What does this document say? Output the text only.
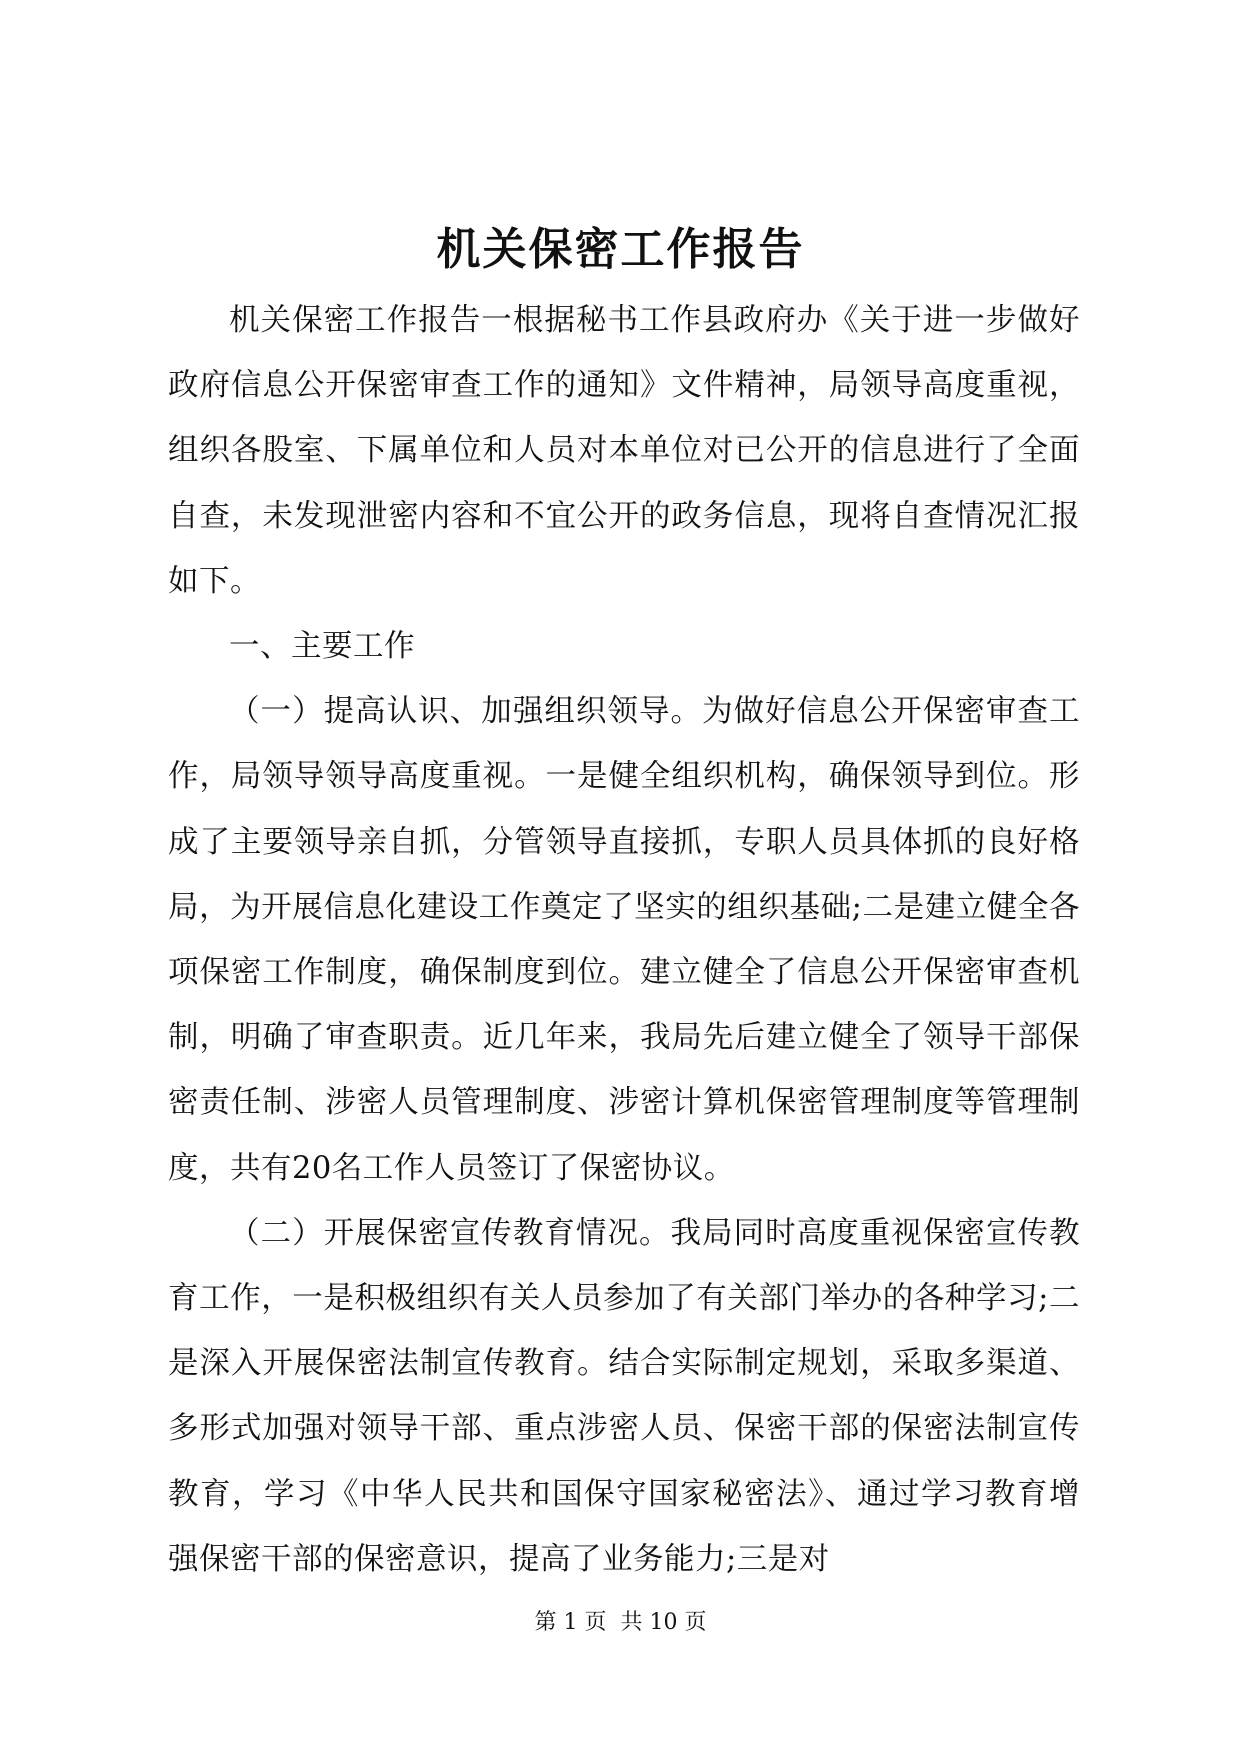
机关保密工作报告

机关保密工作报告一根据秘书工作县政府办《关于进一步做好政府信息公开保密审查工作的通知》文件精神，局领导高度重视，组织各股室、下属单位和人员对本单位对已公开的信息进行了全面自查，未发现泄密内容和不宜公开的政务信息，现将自查情况汇报如下。

一、主要工作

（一）提高认识、加强组织领导。为做好信息公开保密审查工作，局领导领导高度重视。一是健全组织机构，确保领导到位。形成了主要领导亲自抓，分管领导直接抓，专职人员具体抓的良好格局，为开展信息化建设工作奠定了坚实的组织基础;二是建立健全各项保密工作制度，确保制度到位。建立健全了信息公开保密审查机制，明确了审查职责。近几年来，我局先后建立健全了领导干部保密责任制、涉密人员管理制度、涉密计算机保密管理制度等管理制度，共有20名工作人员签订了保密协议。

（二）开展保密宣传教育情况。我局同时高度重视保密宣传教育工作，一是积极组织有关人员参加了有关部门举办的各种学习;二是深入开展保密法制宣传教育。结合实际制定规划，采取多渠道、多形式加强对领导干部、重点涉密人员、保密干部的保密法制宣传教育，学习《中华人民共和国保守国家秘密法》、通过学习教育增强保密干部的保密意识，提高了业务能力;三是对

第 1 页 共 10 页
